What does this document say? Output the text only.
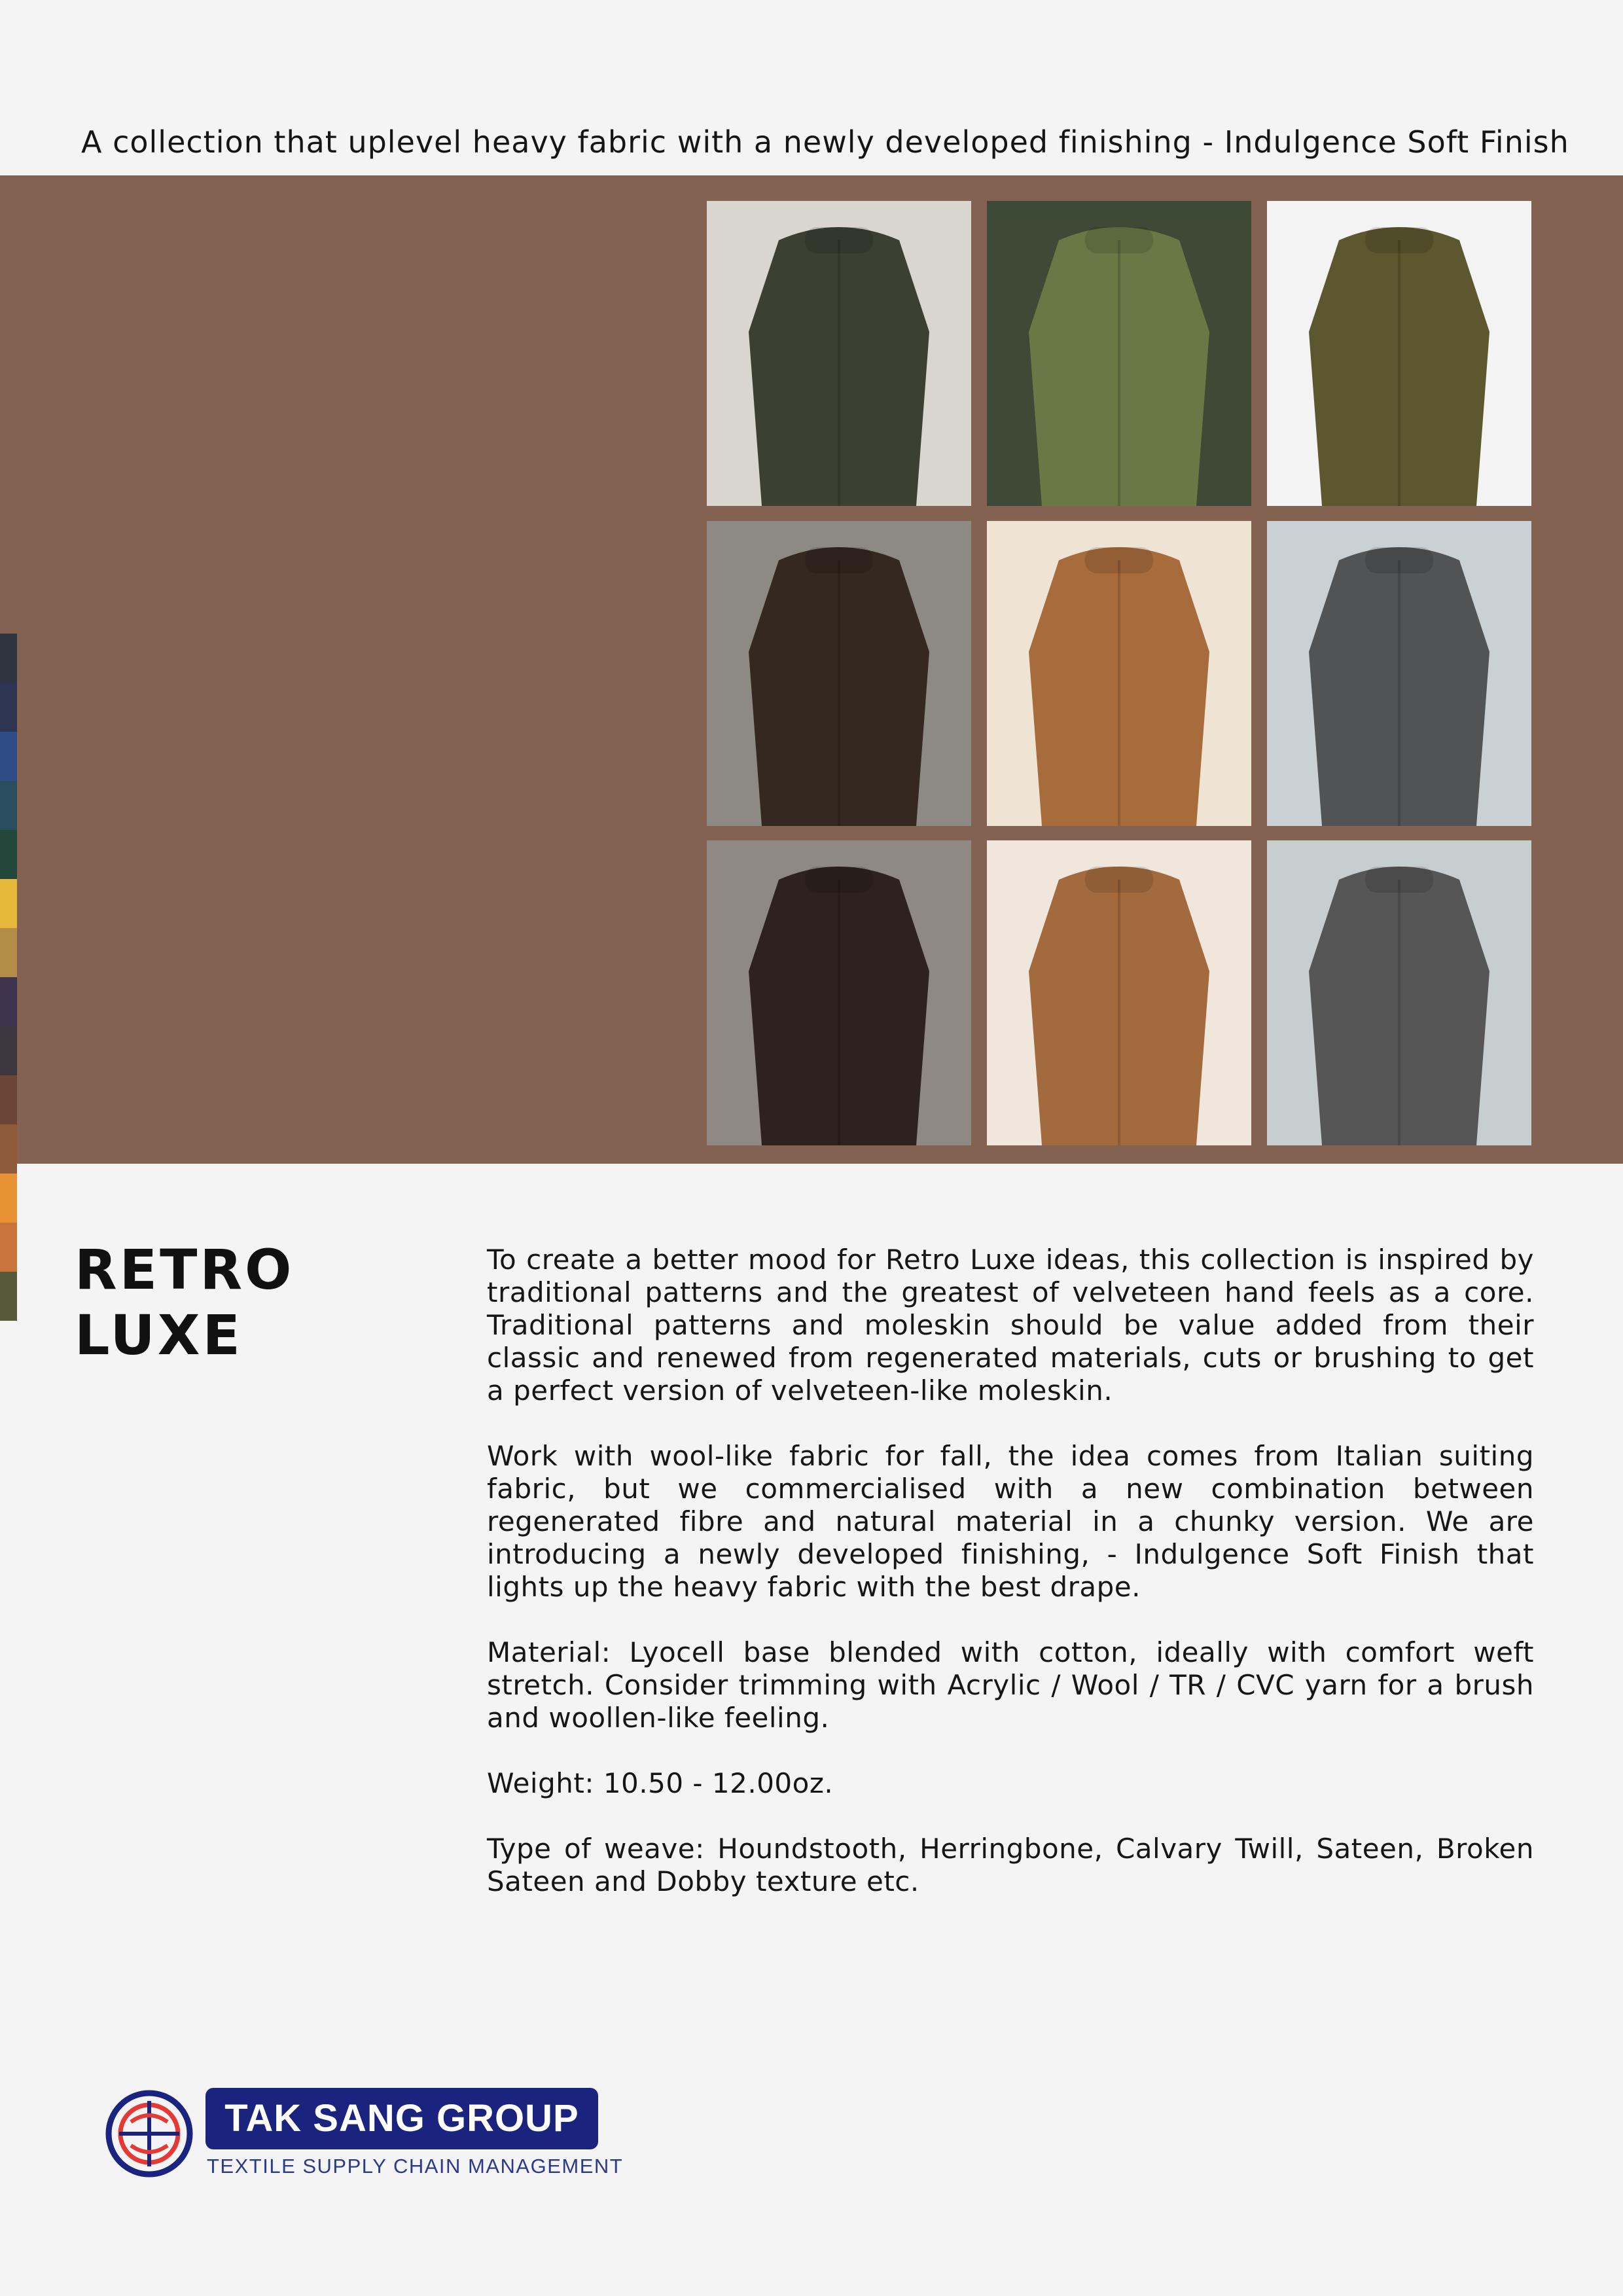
A collection that uplevel heavy fabric with a newly developed finishing - Indulgence Soft Finish
RETRO
LUXE

To create a better mood for Retro Luxe ideas, this collection is inspired by traditional patterns and the greatest of velveteen hand feels as a core. Traditional patterns and moleskin should be value added from their classic and renewed from regenerated materials, cuts or brushing to get a perfect version of velveteen-like moleskin.

Work with wool-like fabric for fall, the idea comes from Italian suiting fabric, but we commercialised with a new combination between regenerated fibre and natural material in a chunky version. We are introducing a newly developed finishing, - Indulgence Soft Finish that lights up the heavy fabric with the best drape.

Material: Lyocell base blended with cotton, ideally with comfort weft stretch. Consider trimming with Acrylic / Wool / TR / CVC yarn for a brush and woollen-like feeling.

Weight: 10.50 - 12.00oz.

Type of weave: Houndstooth, Herringbone, Calvary Twill, Sateen, Broken Sateen and Dobby texture etc.

TAK SANG GROUP
TEXTILE SUPPLY CHAIN MANAGEMENT
